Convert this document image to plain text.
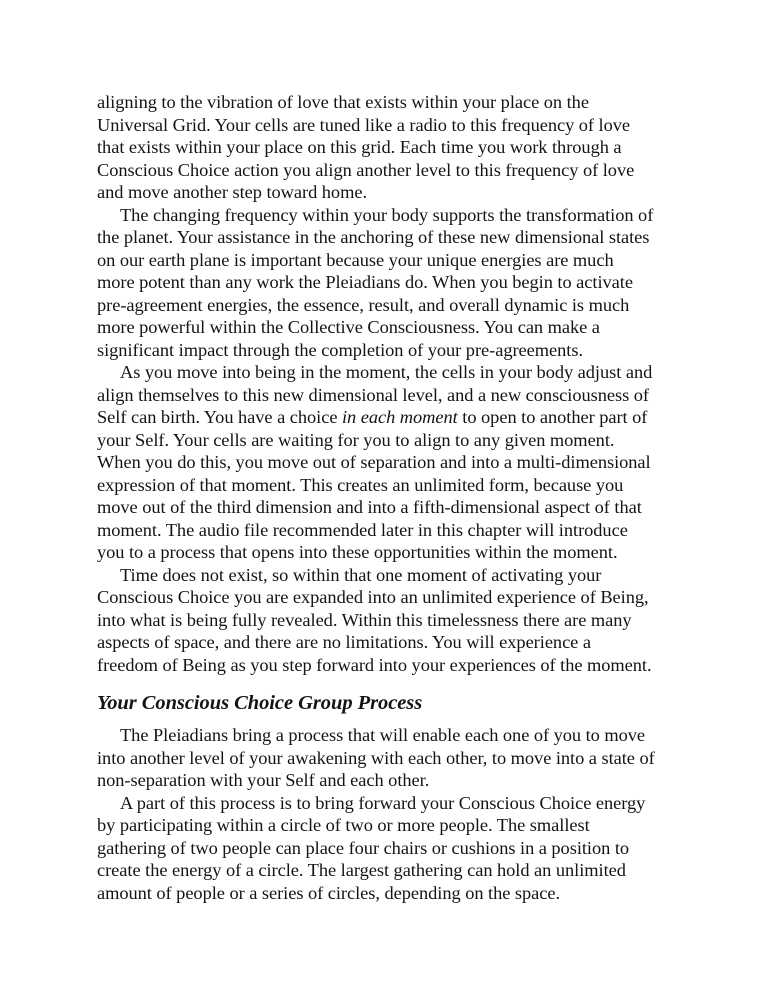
aligning to the vibration of love that exists within your place on the
Universal Grid. Your cells are tuned like a radio to this frequency of love
that exists within your place on this grid. Each time you work through a
Conscious Choice action you align another level to this frequency of love
and move another step toward home.
The changing frequency within your body supports the transformation of
the planet. Your assistance in the anchoring of these new dimensional states
on our earth plane is important because your unique energies are much
more potent than any work the Pleiadians do. When you begin to activate
pre-agreement energies, the essence, result, and overall dynamic is much
more powerful within the Collective Consciousness. You can make a
significant impact through the completion of your pre-agreements.
As you move into being in the moment, the cells in your body adjust and
align themselves to this new dimensional level, and a new consciousness of
Self can birth. You have a choice in each moment to open to another part of
your Self. Your cells are waiting for you to align to any given moment.
When you do this, you move out of separation and into a multi-dimensional
expression of that moment. This creates an unlimited form, because you
move out of the third dimension and into a fifth-dimensional aspect of that
moment. The audio file recommended later in this chapter will introduce
you to a process that opens into these opportunities within the moment.
Time does not exist, so within that one moment of activating your
Conscious Choice you are expanded into an unlimited experience of Being,
into what is being fully revealed. Within this timelessness there are many
aspects of space, and there are no limitations. You will experience a
freedom of Being as you step forward into your experiences of the moment.
Your Conscious Choice Group Process
The Pleiadians bring a process that will enable each one of you to move
into another level of your awakening with each other, to move into a state of
non-separation with your Self and each other.
A part of this process is to bring forward your Conscious Choice energy
by participating within a circle of two or more people. The smallest
gathering of two people can place four chairs or cushions in a position to
create the energy of a circle. The largest gathering can hold an unlimited
amount of people or a series of circles, depending on the space.
